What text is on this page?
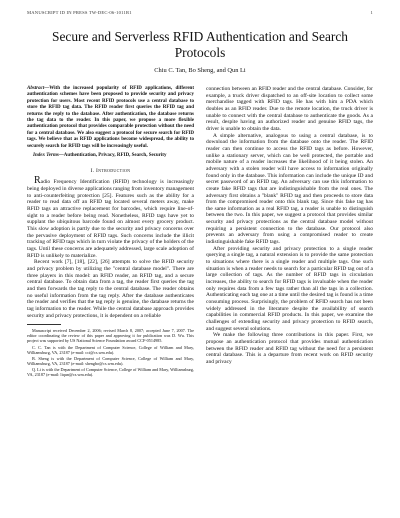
MANUSCRIPT ID IN PRESS TW-DEC-06-1011R1	1
Secure and Serverless RFID Authentication and Search Protocols
Chiu C. Tan, Bo Sheng, and Qun Li

Abstract—With the increased popularity of RFID applications, different authentication schemes have been proposed to provide security and privacy protection for users. Most recent RFID protocols use a central database to store the RFID tag data. The RFID reader first queries the RFID tag and returns the reply to the database. After authentication, the database returns the tag data to the reader. In this paper, we propose a more flexible authentication protocol that provides comparable protection without the need for a central database. We also suggest a protocol for secure search for RFID tags. We believe that as RFID applications become widespread, the ability to securely search for RFID tags will be increasingly useful.

Index Terms—Authentication, Privacy, RFID, Search, Security

I. Introduction

Radio Frequency Identification (RFID) technology is increasingly being deployed in diverse applications ranging from inventory management to anti-counterfeiting protection [25]. Features such as the ability for a reader to read data off an RFID tag located several meters away, make RFID tags an attractive replacement for barcodes, which require line-of-sight to a reader before being read. Nonetheless, RFID tags have yet to supplant the ubiquitous barcode found on almost every grocery product. This slow adoption is partly due to the security and privacy concerns over the pervasive deployment of RFID tags. Such concerns include the illicit tracking of RFID tags which in turn violate the privacy of the holders of the tags. Until these concerns are adequately addressed, large scale adoption of RFID is unlikely to materialize.

Recent work [7], [18], [22], [26] attempts to solve the RFID security and privacy problem by utilizing the "central database model". There are three players in this model: an RFID reader, an RFID tag, and a secure central database. To obtain data from a tag, the reader first queries the tag and then forwards the tag reply to the central database. The reader obtains no useful information from the tag reply. After the database authenticates the reader and verifies that the tag reply is genuine, the database returns the tag information to the reader. While the central database approach provides security and privacy protections, it is dependent on a reliable

Manuscript received December 2, 2006; revised March 8, 2007; accepted June 7, 2007. The editor coordinating the review of this paper and approving it for publication was D. Wu. This project was supported by US National Science Foundation award CCF-0514985.

C. C. Tan is with the Department of Computer Science, College of William and Mary, Williamsburg, VA, 23187 (e-mail: cct@cs.wm.edu).

B. Sheng is with the Department of Computer Science, College of William and Mary, Williamsburg, VA, 23187 (e-mail: shengbo@cs.wm.edu).

Q. Li is with the Department of Computer Science, College of William and Mary, Williamsburg, VA, 23187 (e-mail: liqun@cs.wm.edu).

connection between an RFID reader and the central database. Consider, for example, a truck driver dispatched to an off-site location to collect some merchandise tagged with RFID tags. He has with him a PDA which doubles as an RFID reader. Due to the remote location, the truck driver is unable to connect with the central database to authenticate the goods. As a result, despite having an authorized reader and genuine RFID tags, the driver is unable to obtain the data.

A simple alternative, analogous to using a central database, is to download the information from the database onto the reader. The RFID reader can then continue to access the RFID tags as before. However, unlike a stationary server, which can be well protected, the portable and mobile nature of a reader increases the likelihood of it being stolen. An adversary with a stolen reader will have access to information originally found only in the database. This information can include the unique ID and secret password of an RFID tag. An adversary can use this information to create fake RFID tags that are indistinguishable from the real ones. The adversary first obtains a "blank" RFID tag and then proceeds to store data from the compromised reader onto this blank tag. Since this fake tag has the same information as a real RFID tag, a reader is unable to distinguish between the two. In this paper, we suggest a protocol that provides similar security and privacy protections as the central database model without requiring a persistent connection to the database. Our protocol also prevents an adversary from using a compromised reader to create indistinguishable fake RFID tags.

After providing security and privacy protection to a single reader querying a single tag, a natural extension is to provide the same protection to situations where there is a single reader and multiple tags. One such situation is when a reader needs to search for a particular RFID tag out of a large collection of tags. As the number of RFID tags in circulation increases, the ability to search for RFID tags is invaluable when the reader only requires data from a few tags rather than all the tags in a collection. Authenticating each tag one at a time until the desired tag is found is a time consuming process. Surprisingly, the problem of RFID search has not been widely addressed in the literature despite the availability of search capabilities in commercial RFID products. In this paper, we examine the challenges of extending security and privacy protection to RFID search, and suggest several solutions.

We make the following three contributions in this paper. First, we propose an authentication protocol that provides mutual authentication between the RFID reader and RFID tag without the need for a persistent central database. This is a departure from recent work on RFID security and privacy
